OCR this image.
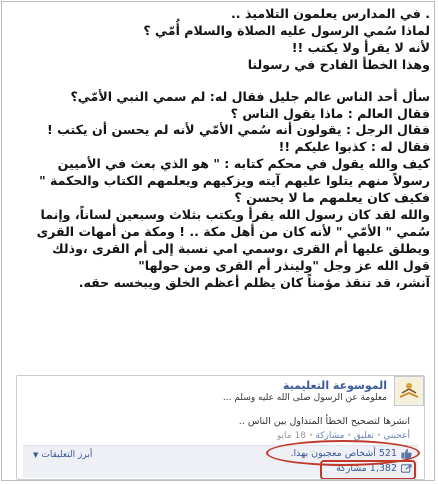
. في المدارس يعلمون التلاميذ ..

لماذا سُمي الرسول عليه الصلاة والسلام أُمّي ؟

لأنه لا يقرأ ولا يكتب !!

وهذا الخطأ الفادح في رسولنا

سأل أحد الناس عالم جليل فقال له: لم سمي النبي الأمّي؟

فقال العالم : ماذا يقول الناس ؟

فقال الرجل : يقولون أنه سُمي الأمّي لأنه لم يحسن أن يكتب !

فقال له : كذبوا عليكم !!

كيف والله يقول في محكم كتابه : " هو الذي بعث في الأميين

رسولاً منهم يتلوا عليهم آيته ويزكيهم ويعلمهم الكتاب والحكمة "

فكيف كان يعلمهم ما لا يحسن ؟

والله لقد كان رسول الله يقرأ ويكتب بثلاث وسبعين لساناً، وإنما

سُمي " الأمّي " لأنه كان من أهل مكة .. ! ومكة من أمهات القرى

ويطلق عليها أم القرى ،وسمي امي نسبة إلى أم القرى ،وذلك

قول الله عز وجل "ولينذر أم القرى ومن حولها"

آنشر، قد تنقذ مؤمناً كان يظلم أعظم الخلق ويبخسه حقه.

الموسوعة التعليمية
معلومة عن الرسول صلى الله عليه وسلم ...
انشرها لتصحيح الخطأ المتداول بين الناس ..
أعجبني · تعليق · مشاركة · 18 مايو
521 أشخاص معجبون بهذا.
1,382 مشاركة
أبرز التعليقات
▼
